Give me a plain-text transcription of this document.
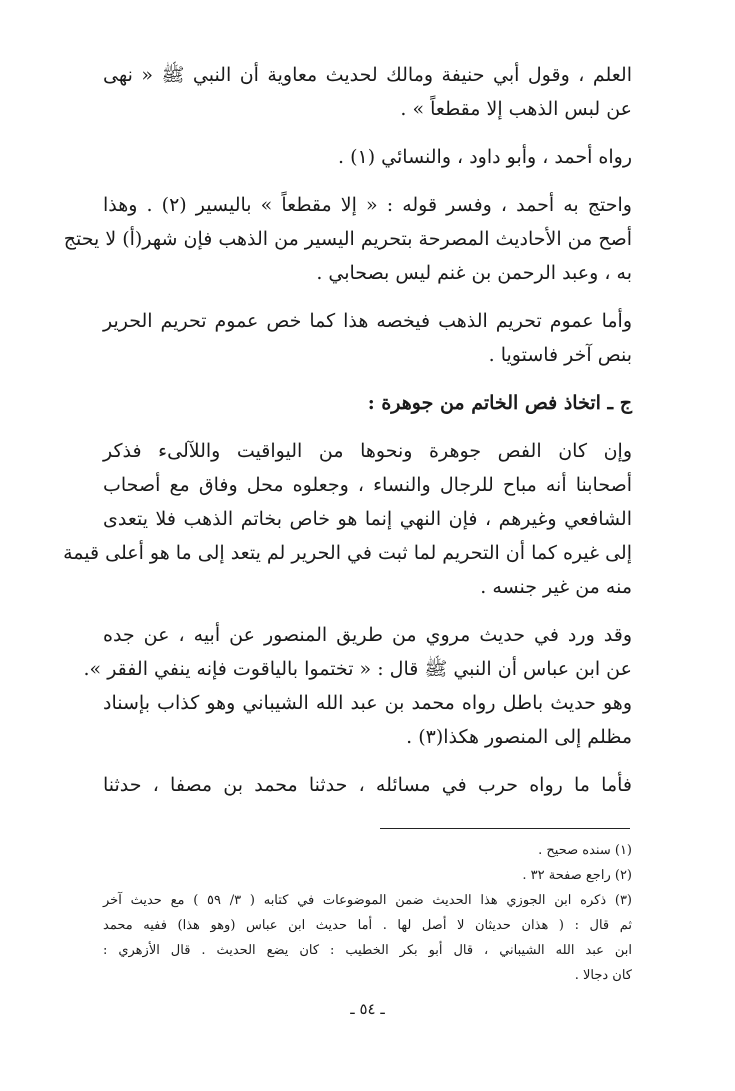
العلم ، وقول أبي حنيفة ومالك لحديث معاوية أن النبي ﷺ « نهى
عن لبس الذهب إلا مقطعاً » .
رواه أحمد ، وأبو داود ، والنسائي (١) .
واحتج به أحمد ، وفسر قوله : « إلا مقطعاً » باليسير (٢) . وهذا
أصح من الأحاديث المصرحة بتحريم اليسير من الذهب فإن شهر(أ) لا يحتج
به ، وعبد الرحمن بن غنم ليس بصحابي .
وأما عموم تحريم الذهب فيخصه هذا كما خص عموم تحريم الحرير
بنص آخر فاستويا .
ج ـ اتخاذ فص الخاتم من جوهرة :
وإن كان الفص جوهرة ونحوها من اليواقيت واللآلىء فذكر
أصحابنا أنه مباح للرجال والنساء ، وجعلوه محل وفاق مع أصحاب
الشافعي وغيرهم ، فإن النهي إنما هو خاص بخاتم الذهب فلا يتعدى
إلى غيره كما أن التحريم لما ثبت في الحرير لم يتعد إلى ما هو أعلى قيمة
منه من غير جنسه .
وقد ورد في حديث مروي من طريق المنصور عن أبيه ، عن جده
عن ابن عباس أن النبي ﷺ قال : « تختموا بالياقوت فإنه ينفي الفقر ».
وهو حديث باطل رواه محمد بن عبد الله الشيباني وهو كذاب بإسناد
مظلم إلى المنصور هكذا(٣) .
فأما ما رواه حرب في مسائله ، حدثنا محمد بن مصفا ، حدثنا
(١) سنده صحيح .
(٢) راجع صفحة ٣٢ .
(٣) ذكره ابن الجوزي هذا الحديث ضمن الموضوعات في كتابه ( ٣/ ٥٩ ) مع حديث آخر
ثم قال : ( هذان حديثان لا أصل لها . أما حديث ابن عباس (وهو هذا) ففيه محمد
ابن عبد الله الشيباني ، قال أبو بكر الخطيب : كان يضع الحديث . قال الأزهري :
كان دجالا .
ـ ٥٤ ـ
